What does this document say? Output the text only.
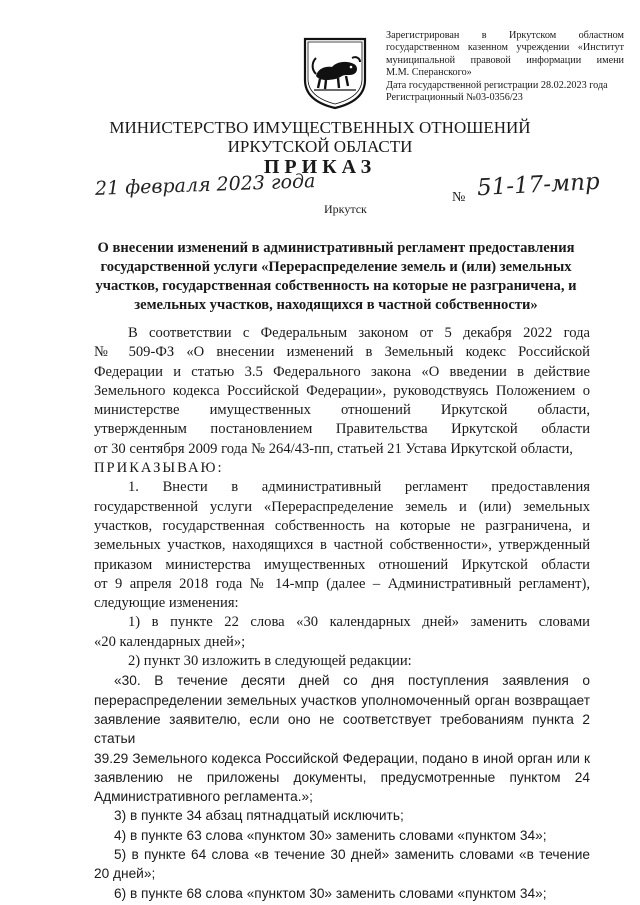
Зарегистрирован в Иркутском областном
государственном казенном учреждении «Институт
муниципальной правовой информации имени
М.М. Сперанского»
Дата государственной регистрации 28.02.2023 года
Регистрационный №03-0356/23
МИНИСТЕРСТВО ИМУЩЕСТВЕННЫХ ОТНОШЕНИЙ
ИРКУТСКОЙ ОБЛАСТИ
ПРИКАЗ
21 февраля 2023 года	№ 51-17-мпр
Иркутск
О внесении изменений в административный регламент предоставления
государственной услуги «Перераспределение земель и (или) земельных
участков, государственная собственность на которые не разграничена, и
земельных участков, находящихся в частной собственности»

В соответствии с Федеральным законом от 5 декабря 2022 года

№ 509-ФЗ «О внесении изменений в Земельный кодекс Российской

Федерации и статью 3.5 Федерального закона «О введении в действие

Земельного кодекса Российской Федерации», руководствуясь Положением о

министерстве имущественных отношений Иркутской области,

утвержденным постановлением Правительства Иркутской области

от 30 сентября 2009 года № 264/43-пп, статьей 21 Устава Иркутской области,

ПРИКАЗЫВАЮ:

1. Внести в административный регламент предоставления

государственной услуги «Перераспределение земель и (или) земельных

участков, государственная собственность на которые не разграничена, и

земельных участков, находящихся в частной собственности», утвержденный

приказом министерства имущественных отношений Иркутской области

от 9 апреля 2018 года № 14-мпр (далее – Административный регламент),

следующие изменения:

1) в пункте 22 слова «30 календарных дней» заменить словами

«20 календарных дней»;

2) пункт 30 изложить в следующей редакции:

«30. В течение десяти дней со дня поступления заявления о

перераспределении земельных участков уполномоченный орган возвращает

заявление заявителю, если оно не соответствует требованиям пункта 2 статьи

39.29 Земельного кодекса Российской Федерации, подано в иной орган или к

заявлению не приложены документы, предусмотренные пунктом 24

Административного регламента.»;

3) в пункте 34 абзац пятнадцатый исключить;

4) в пункте 63 слова «пунктом 30» заменить словами «пунктом 34»;

5) в пункте 64 слова «в течение 30 дней» заменить словами «в течение

20 дней»;

6) в пункте 68 слова «пунктом 30» заменить словами «пунктом 34»;
